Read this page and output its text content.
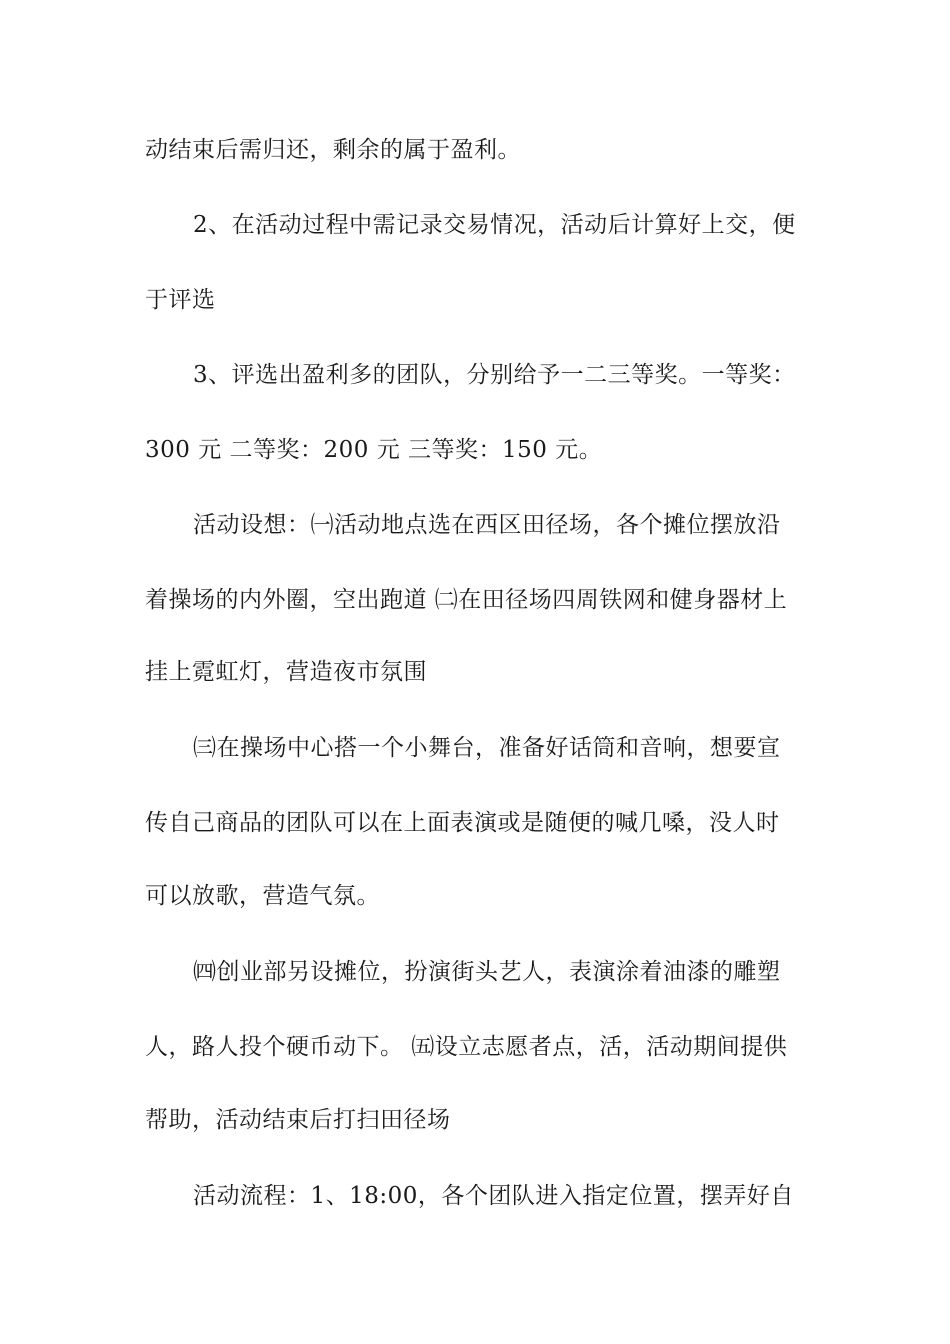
动结束后需归还，剩余的属于盈利。
2、在活动过程中需记录交易情况，活动后计算好上交，便
于评选
3、评选出盈利多的团队，分别给予一二三等奖。一等奖：
300 元 二等奖：200 元 三等奖：150 元。
活动设想：㈠活动地点选在西区田径场，各个摊位摆放沿
着操场的内外圈，空出跑道 ㈡在田径场四周铁网和健身器材上
挂上霓虹灯，营造夜市氛围
㈢在操场中心搭一个小舞台，准备好话筒和音响，想要宣
传自己商品的团队可以在上面表演或是随便的喊几嗓，没人时
可以放歌，营造气氛。
㈣创业部另设摊位，扮演街头艺人，表演涂着油漆的雕塑
人，路人投个硬币动下。 ㈤设立志愿者点，活，活动期间提供
帮助，活动结束后打扫田径场
活动流程：1、18:00，各个团队进入指定位置，摆弄好自
